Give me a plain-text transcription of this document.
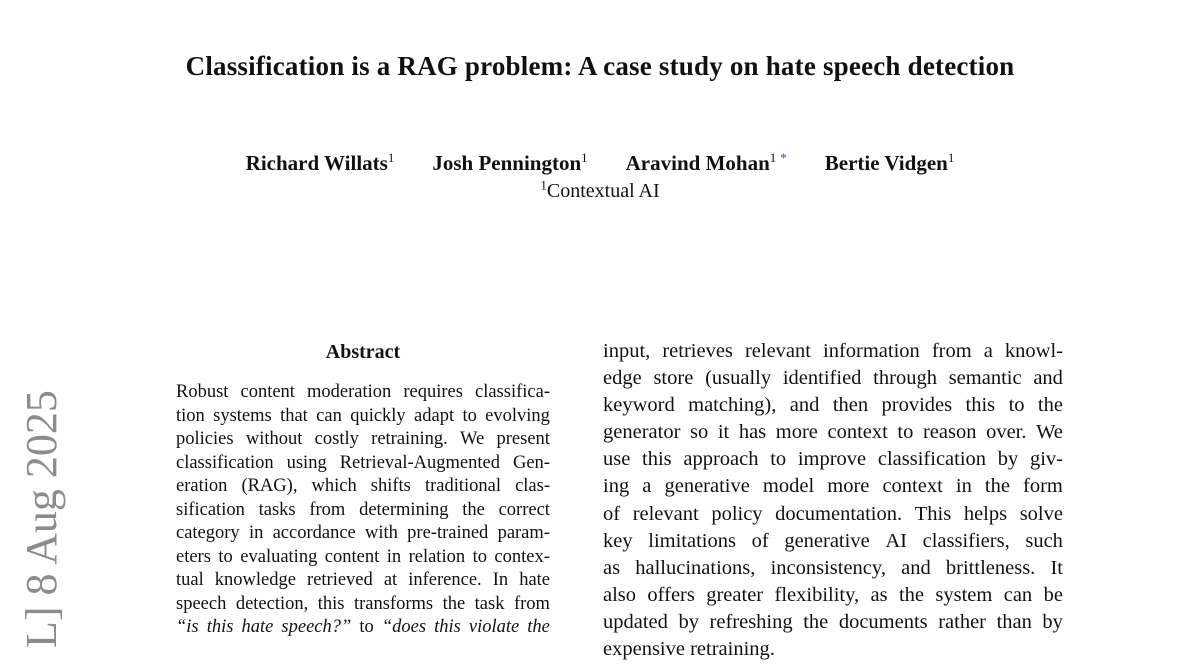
L] 8 Aug 2025
Classification is a RAG problem: A case study on hate speech detection
Richard Willats$^1$ Josh Pennington$^1$ Aravind Mohan$^1$ * Bertie Vidgen$^1$
$^1$Contextual AI
Abstract
Robust content moderation requires classifica-
tion systems that can quickly adapt to evolving
policies without costly retraining. We present
classification using Retrieval-Augmented Gen-
eration (RAG), which shifts traditional clas-
sification tasks from determining the correct
category in accordance with pre-trained param-
eters to evaluating content in relation to contex-
tual knowledge retrieved at inference. In hate
speech detection, this transforms the task from
“is this hate speech?” to “does this violate the
input, retrieves relevant information from a knowl-
edge store (usually identified through semantic and
keyword matching), and then provides this to the
generator so it has more context to reason over. We
use this approach to improve classification by giv-
ing a generative model more context in the form
of relevant policy documentation. This helps solve
key limitations of generative AI classifiers, such
as hallucinations, inconsistency, and brittleness. It
also offers greater flexibility, as the system can be
updated by refreshing the documents rather than by
expensive retraining.
